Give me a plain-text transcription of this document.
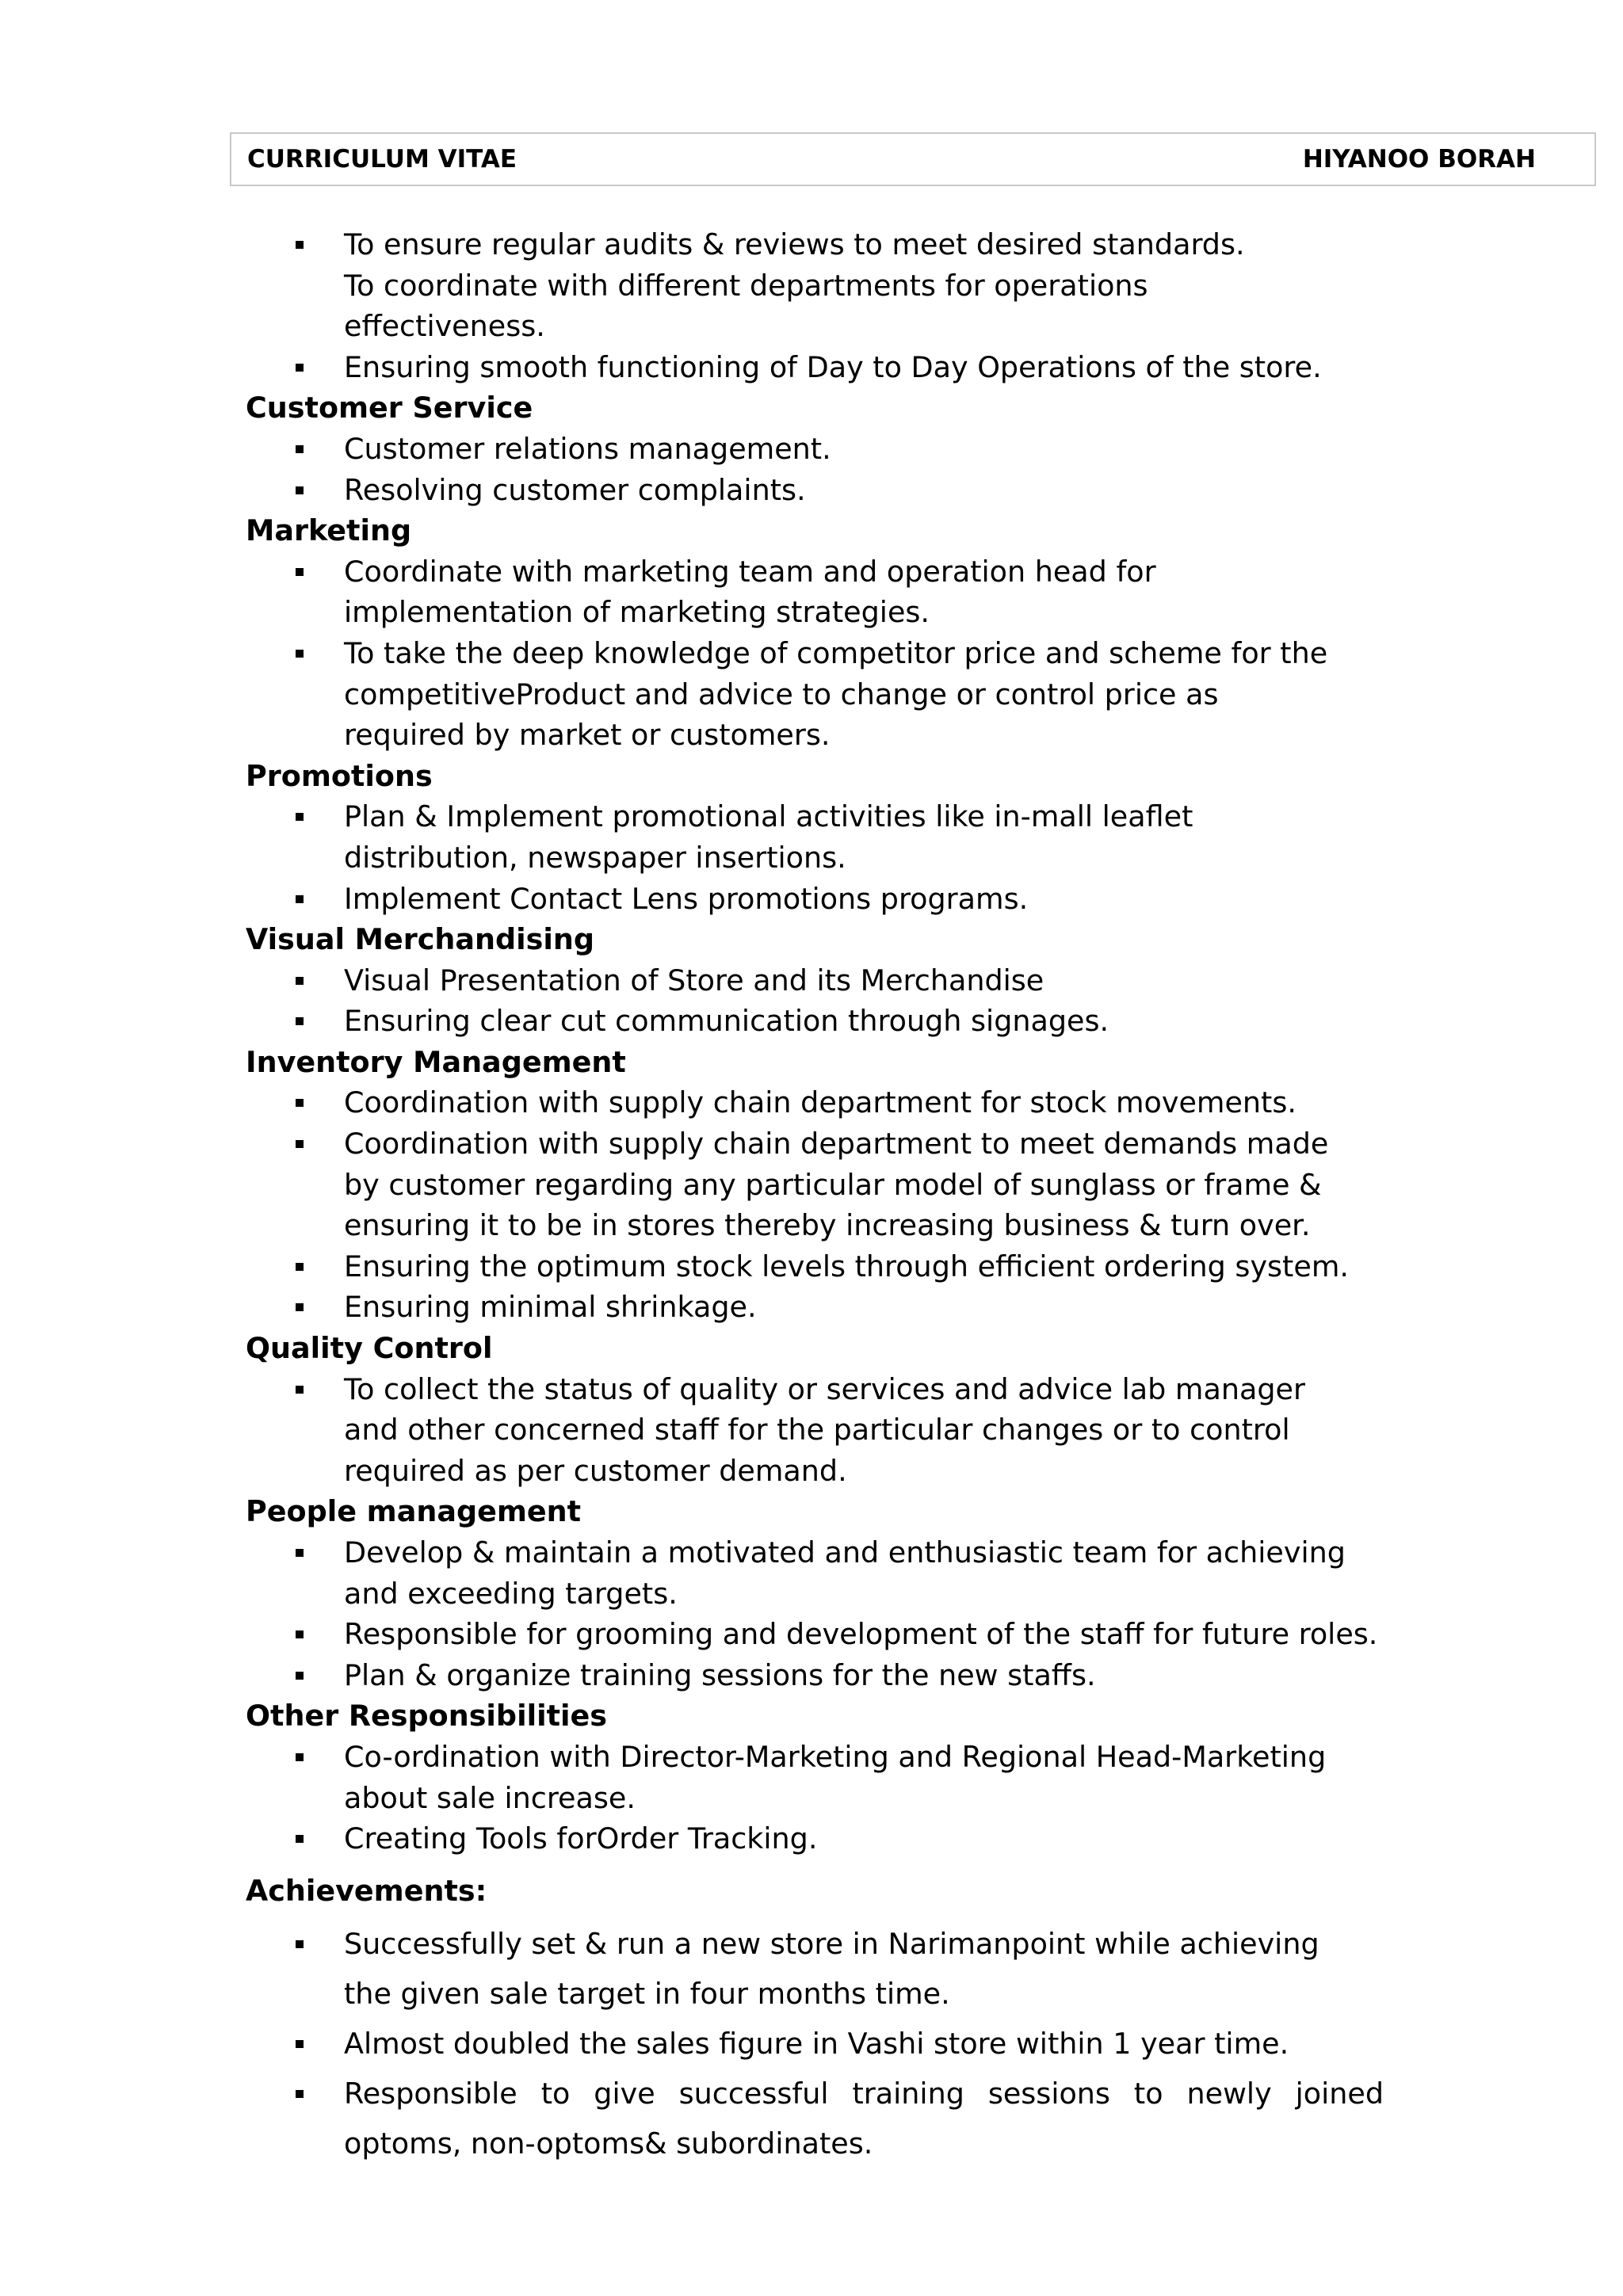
CURRICULUM VITAE	HIYANOO BORAH
To ensure regular audits & reviews to meet desired standards. To coordinate with different departments for operations effectiveness.
Ensuring smooth functioning of Day to Day Operations of the store.
Customer Service
Customer relations management.
Resolving customer complaints.
Marketing
Coordinate with marketing team and operation head for implementation of marketing strategies.
To take the deep knowledge of competitor price and scheme for the competitiveProduct and advice to change or control price as required by market or customers.
Promotions
Plan & Implement promotional activities like in-mall leaflet distribution, newspaper insertions.
Implement Contact Lens promotions programs.
Visual Merchandising
Visual Presentation of Store and its Merchandise
Ensuring clear cut communication through signages.
Inventory Management
Coordination with supply chain department for stock movements.
Coordination with supply chain department to meet demands made by customer regarding any particular model of sunglass or frame & ensuring it to be in stores thereby increasing business & turn over.
Ensuring the optimum stock levels through efficient ordering system.
Ensuring minimal shrinkage.
Quality Control
To collect the status of quality or services and advice lab manager and other concerned staff for the particular changes or to control required as per customer demand.
People management
Develop & maintain a motivated and enthusiastic team for achieving and exceeding targets.
Responsible for grooming and development of the staff for future roles.
Plan & organize training sessions for the new staffs.
Other Responsibilities
Co-ordination with Director-Marketing and Regional Head-Marketing about sale increase.
Creating Tools forOrder Tracking.
Achievements:
Successfully set & run a new store in Narimanpoint while achieving the given sale target in four months time.
Almost doubled the sales figure in Vashi store within 1 year time.
Responsible to give successful training sessions to newly joined optoms, non-optoms& subordinates.
